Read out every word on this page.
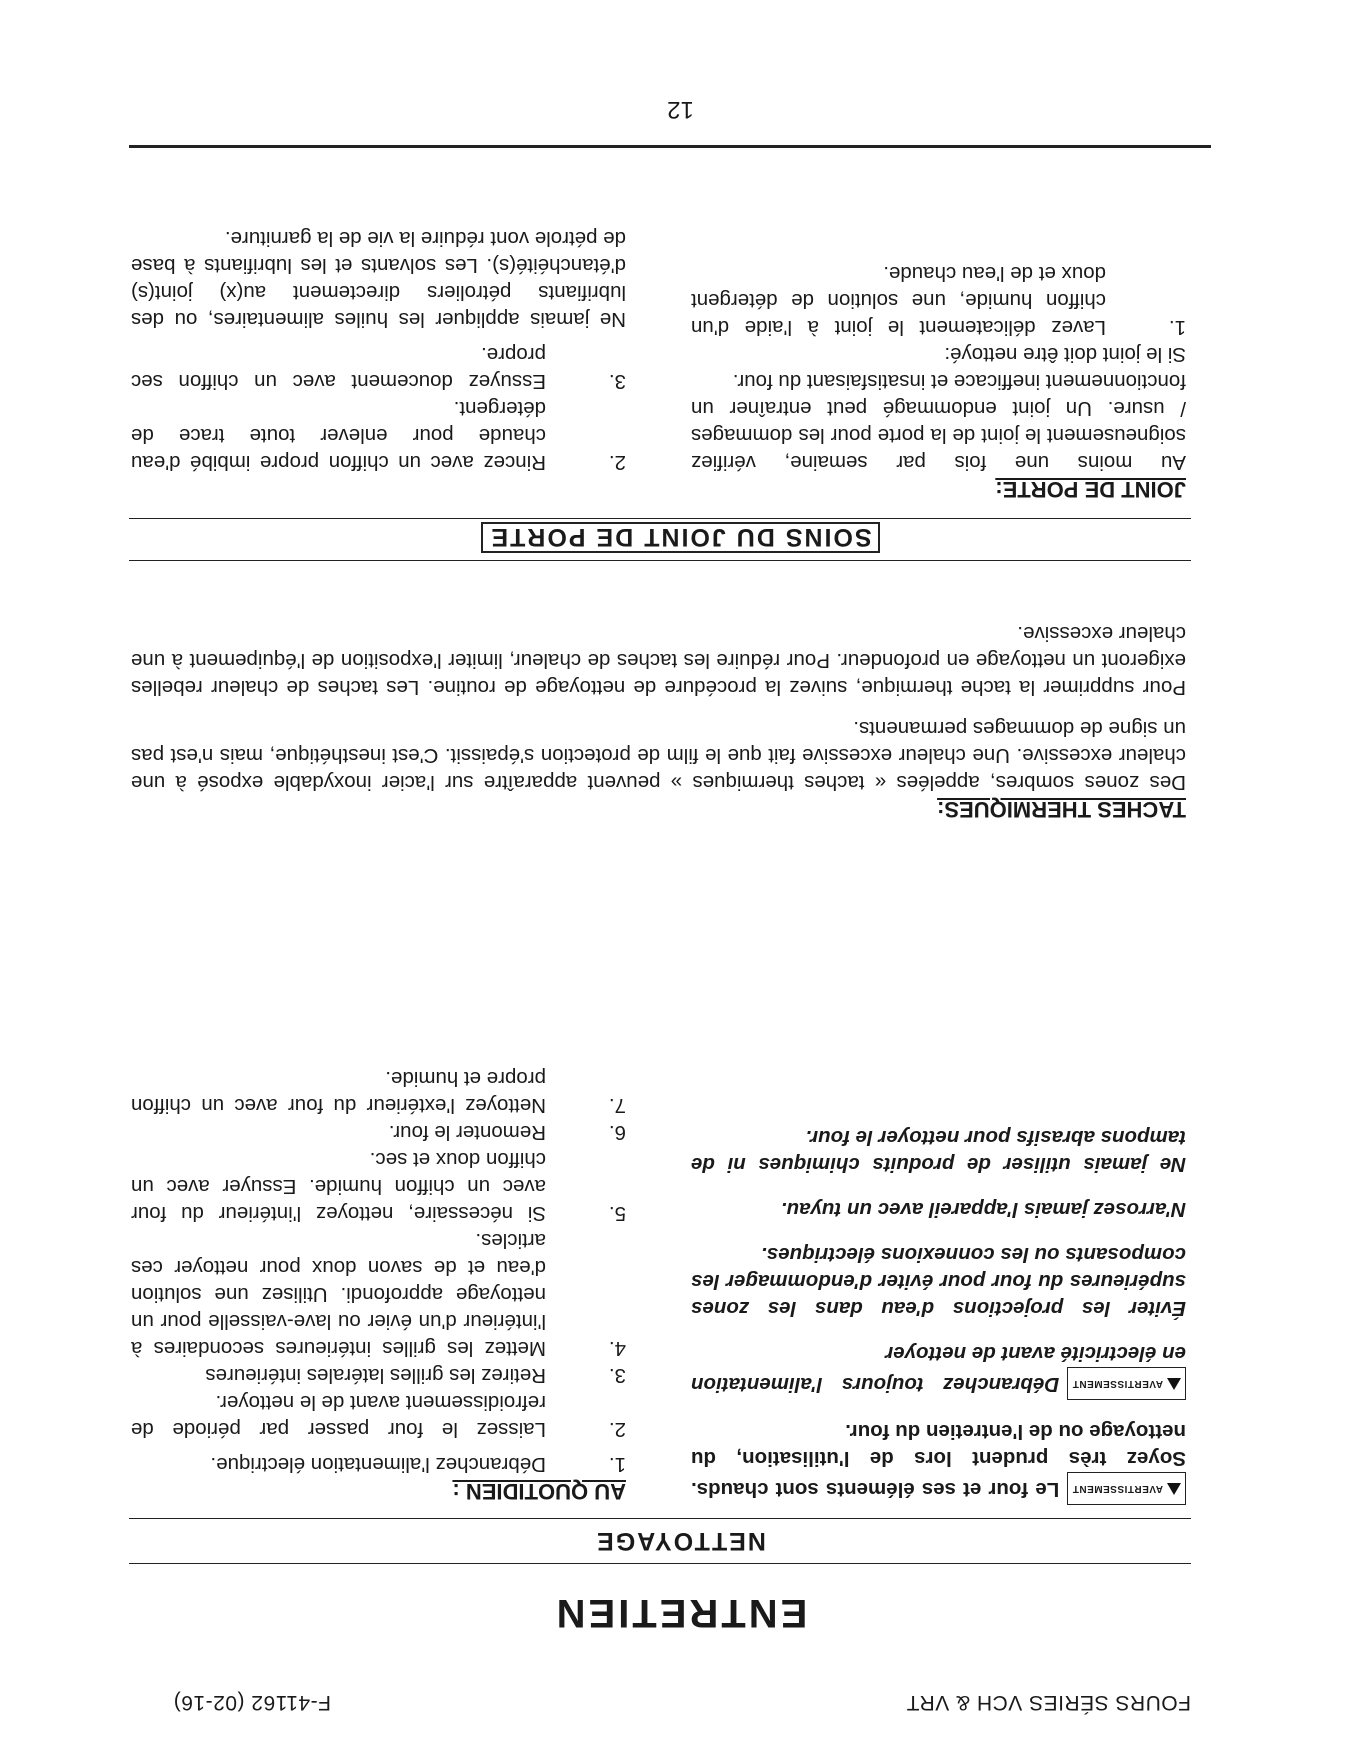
FOURS SÉRIES VCH & VRT
F-41162 (02-16)
ENTRETIEN
NETTOYAGE

AVERTISSEMENTLe four et ses éléments sont chauds. Soyez très prudent lors de l'utilisation, du nettoyage ou de l'entretien du four.

AVERTISSEMENTDébranchez toujours l'alimentation en électricité avant de nettoyer

Éviter les projections d'eau dans les zones supérieures du four pour éviter d'endommager les composants ou les connexions électriques.

N'arrosez jamais l'appareil avec un tuyau.

Ne jamais utiliser de produits chimiques ni de tampons abrasifs pour nettoyer le four.

AU QUOTIDIEN :

1.
Débranchez l'alimentation électrique.

2.
Laissez le four passer par période de refroidissement avant de le nettoyer.
3.
Retirez les grilles latérales intérieures
4.
Mettez les grilles intérieures secondaires à l'intérieur d'un évier ou lave-vaisselle pour un nettoyage approfondi. Utilisez une solution d'eau et de savon doux pour nettoyer ces articles.
5.
Si nécessaire, nettoyez l'intérieur du four avec un chiffon humide. Essuyer avec un chiffon doux et sec.
6.
Remonter le four.
7.
Nettoyez l'extérieur du four avec un chiffon propre et humide.

TACHES THERMIQUES:

Des zones sombres, appelées « taches thermiques » peuvent apparaître sur l'acier inoxydable exposé à une chaleur excessive. Une chaleur excessive fait que le film de protection s'épaissit. C'est inesthétique, mais n'est pas un signe de dommages permanents.

Pour supprimer la tache thermique, suivez la procédure de nettoyage de routine. Les taches de chaleur rebelles exigeront un nettoyage en profondeur. Pour réduire les taches de chaleur, limiter l'exposition de l'équipement à une chaleur excessive.

SOINS DU JOINT DE PORTE

JOINT DE PORTE:

Au moins une fois par semaine, vérifiez soigneusement le joint de la porte pour les dommages / usure. Un joint endommagé peut entraîner un fonctionnement inefficace et insatisfaisant du four.

Si le joint doit être nettoyé:

1.
Lavez délicatement le joint à l'aide d'un chiffon humide, une solution de détergent doux et de l'eau chaude.
2.
Rincez avec un chiffon propre imbibé d'eau chaude pour enlever toute trace de détergent.
3.
Essuyez doucement avec un chiffon sec propre.

Ne jamais appliquer les huiles alimentaires, ou des lubrifiants pétroliers directement au(x) joint(s) d'étanchéité(s). Les solvants et les lubrifiants à base de pétrole vont réduire la vie de la garniture.

12
